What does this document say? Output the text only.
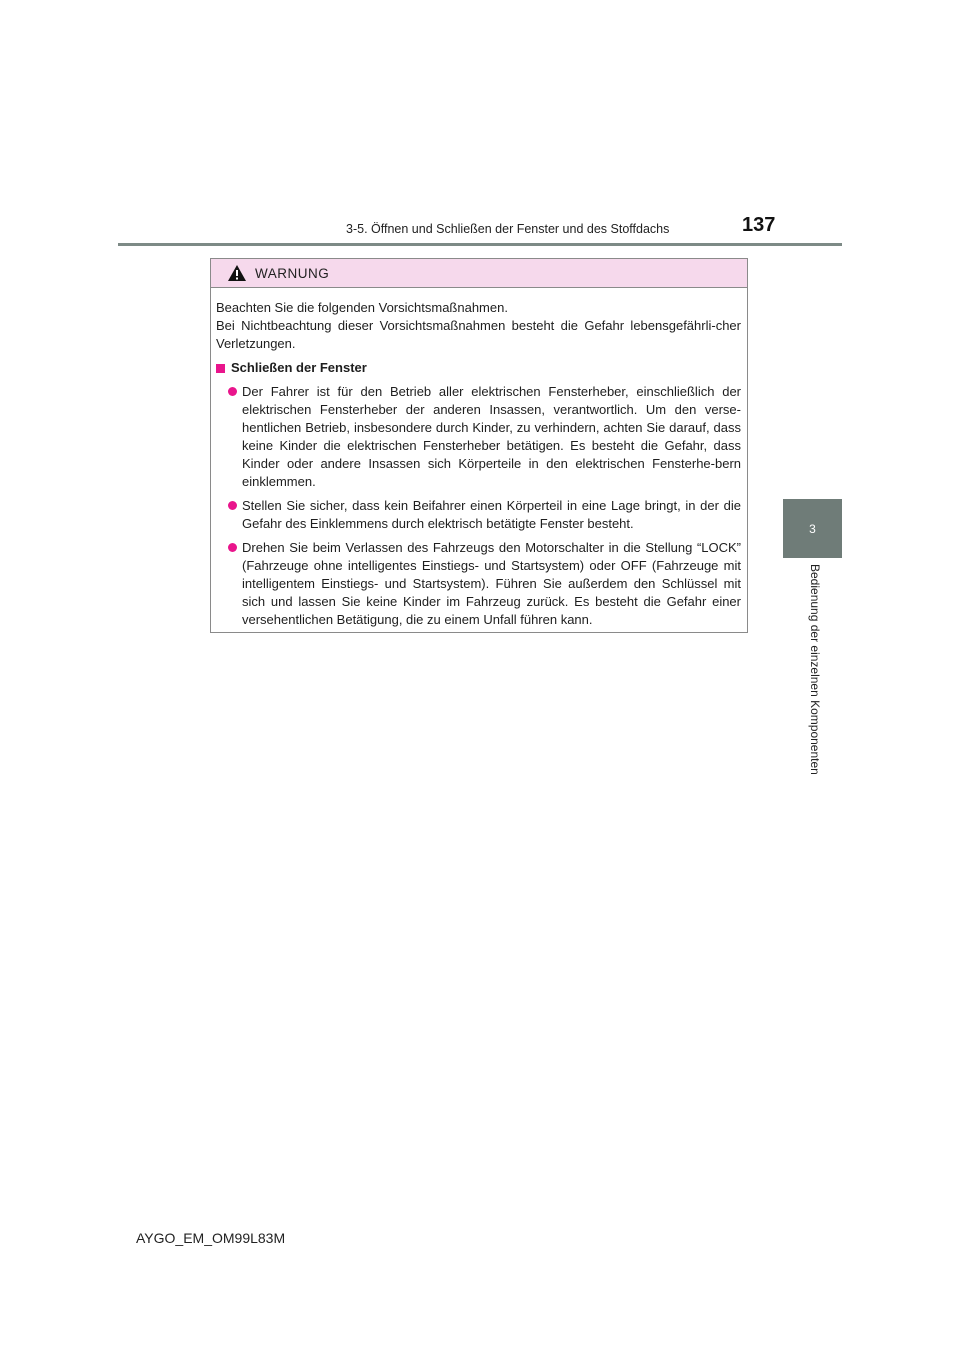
3-5. Öffnen und Schließen der Fenster und des Stoffdachs	137
3
Bedienung der einzelnen Komponenten
WARNUNG

Beachten Sie die folgenden Vorsichtsmaßnahmen.

Bei Nichtbeachtung dieser Vorsichtsmaßnahmen besteht die Gefahr lebensgefährli-cher Verletzungen.

Schließen der Fenster
Der Fahrer ist für den Betrieb aller elektrischen Fensterheber, einschließlich der elektrischen Fensterheber der anderen Insassen, verantwortlich. Um den verse-hentlichen Betrieb, insbesondere durch Kinder, zu verhindern, achten Sie darauf, dass keine Kinder die elektrischen Fensterheber betätigen. Es besteht die Gefahr, dass Kinder oder andere Insassen sich Körperteile in den elektrischen Fensterhe-bern einklemmen.
Stellen Sie sicher, dass kein Beifahrer einen Körperteil in eine Lage bringt, in der die Gefahr des Einklemmens durch elektrisch betätigte Fenster besteht.
Drehen Sie beim Verlassen des Fahrzeugs den Motorschalter in die Stellung “LOCK” (Fahrzeuge ohne intelligentes Einstiegs- und Startsystem) oder OFF (Fahrzeuge mit intelligentem Einstiegs- und Startsystem). Führen Sie außerdem den Schlüssel mit sich und lassen Sie keine Kinder im Fahrzeug zurück. Es besteht die Gefahr einer versehentlichen Betätigung, die zu einem Unfall führen kann.
AYGO_EM_OM99L83M
